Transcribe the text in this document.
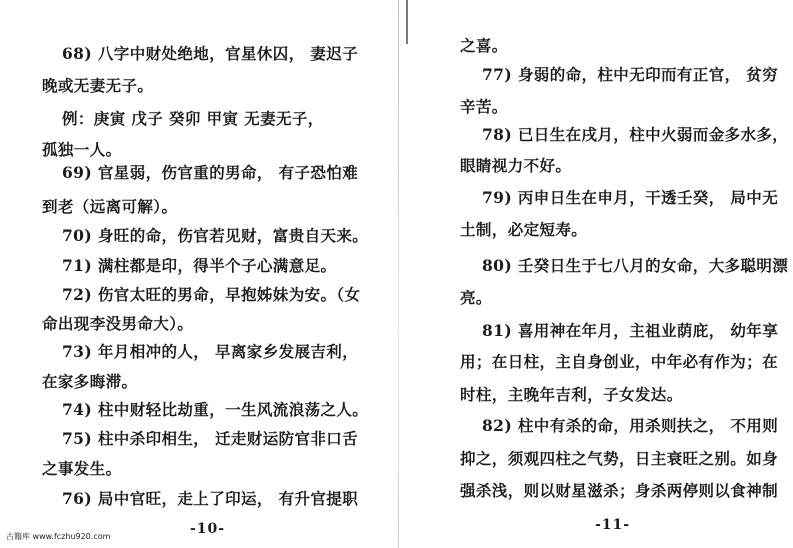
68) 八字中财处绝地，官星休囚， 妻迟子
晚或无妻无子。
例：庚寅 戊子 癸卯 甲寅 无妻无子，
孤独一人。
69) 官星弱，伤官重的男命， 有子恐怕难
到老（远离可解）。
70) 身旺的命，伤官若见财，富贵自天来。
71) 满柱都是印，得半个子心满意足。
72) 伤官太旺的男命，早抱姊妹为安。（女
命出现李没男命大）。
73) 年月相冲的人， 早离家乡发展吉利，
在家多晦滞。
74) 柱中财轻比劫重，一生风流浪荡之人。
75) 柱中杀印相生， 迁走财运防官非口舌
之事发生。
76) 局中官旺，走上了印运， 有升官提职
-10-
之喜。
77) 身弱的命，柱中无印而有正官， 贫穷
辛苦。
78) 已日生在戌月，柱中火弱而金多水多，
眼睛视力不好。
79) 丙申日生在申月，干透壬癸， 局中无
土制，必定短寿。
80) 壬癸日生于七八月的女命，大多聪明漂
亮。
81) 喜用神在年月，主祖业荫庇， 幼年享
用；在日柱，主自身创业，中年必有作为；在
时柱，主晚年吉利，子女发达。
82) 柱中有杀的命，用杀则扶之， 不用则
抑之，须观四柱之气势，日主衰旺之别。如身
强杀浅，则以财星滋杀；身杀两停则以食神制
-11-
古籍库 www.fczhu920.com
